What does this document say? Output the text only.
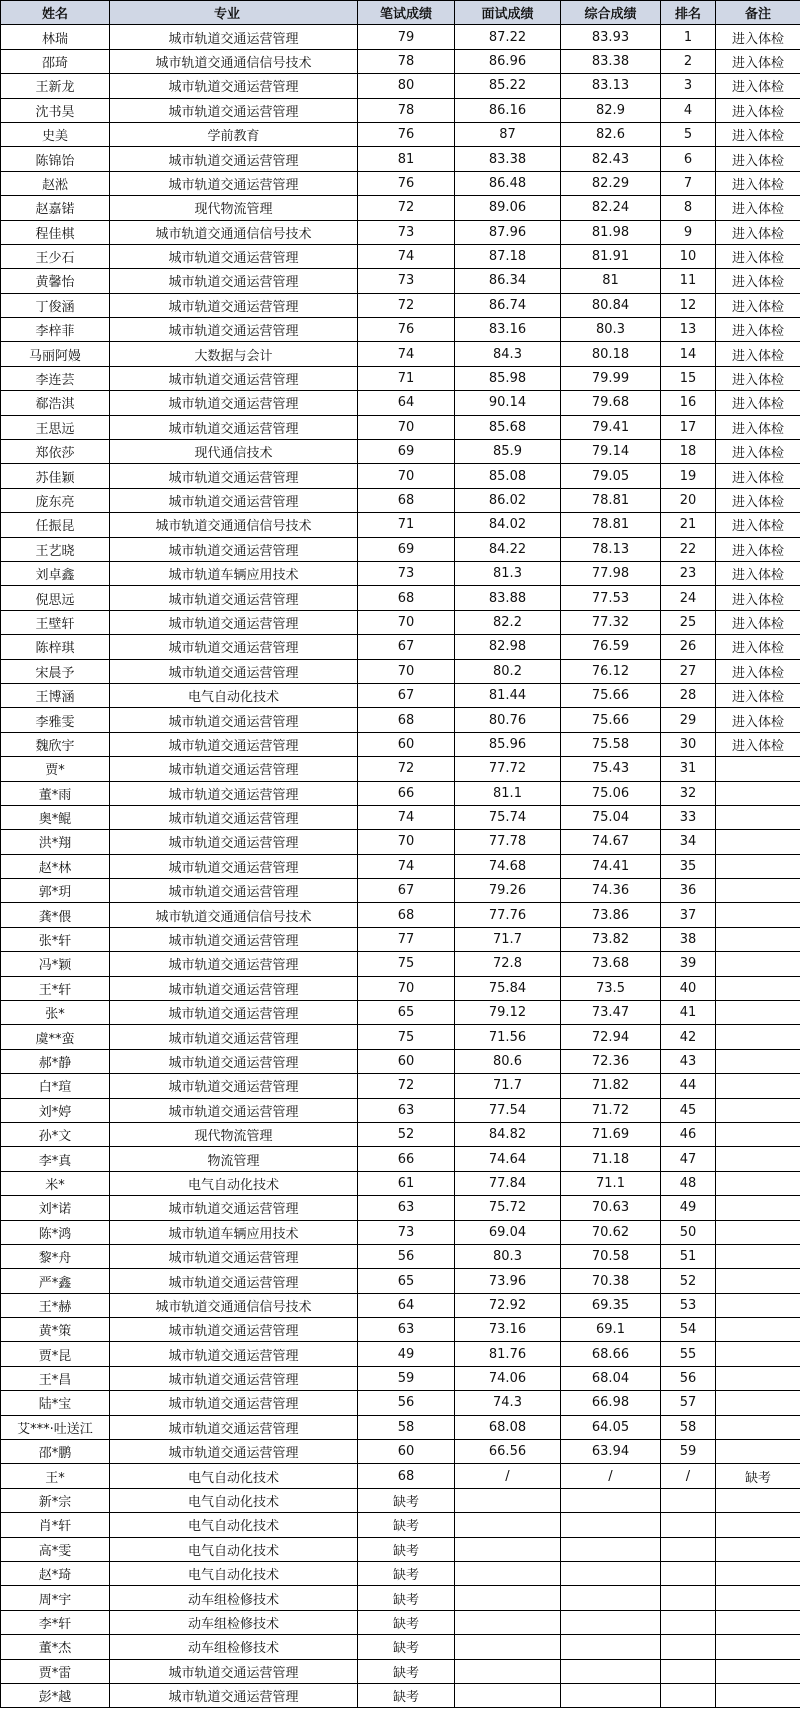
姓名	专业	笔试成绩	面试成绩	综合成绩	排名	备注
林瑞	城市轨道交通运营管理	79	87.22	83.93	1	进入体检
邵琦	城市轨道交通通信信号技术	78	86.96	83.38	2	进入体检
王新龙	城市轨道交通运营管理	80	85.22	83.13	3	进入体检
沈书昊	城市轨道交通运营管理	78	86.16	82.9	4	进入体检
史美	学前教育	76	87	82.6	5	进入体检
陈锦饴	城市轨道交通运营管理	81	83.38	82.43	6	进入体检
赵淞	城市轨道交通运营管理	76	86.48	82.29	7	进入体检
赵嘉锘	现代物流管理	72	89.06	82.24	8	进入体检
程佳棋	城市轨道交通通信信号技术	73	87.96	81.98	9	进入体检
王少石	城市轨道交通运营管理	74	87.18	81.91	10	进入体检
黄馨怡	城市轨道交通运营管理	73	86.34	81	11	进入体检
丁俊涵	城市轨道交通运营管理	72	86.74	80.84	12	进入体检
李梓菲	城市轨道交通运营管理	76	83.16	80.3	13	进入体检
马丽阿嫚	大数据与会计	74	84.3	80.18	14	进入体检
李连芸	城市轨道交通运营管理	71	85.98	79.99	15	进入体检
郗浩淇	城市轨道交通运营管理	64	90.14	79.68	16	进入体检
王思远	城市轨道交通运营管理	70	85.68	79.41	17	进入体检
郑依莎	现代通信技术	69	85.9	79.14	18	进入体检
苏佳颖	城市轨道交通运营管理	70	85.08	79.05	19	进入体检
庞东亮	城市轨道交通运营管理	68	86.02	78.81	20	进入体检
任振昆	城市轨道交通通信信号技术	71	84.02	78.81	21	进入体检
王艺晓	城市轨道交通运营管理	69	84.22	78.13	22	进入体检
刘卓鑫	城市轨道车辆应用技术	73	81.3	77.98	23	进入体检
倪思远	城市轨道交通运营管理	68	83.88	77.53	24	进入体检
王壁轩	城市轨道交通运营管理	70	82.2	77.32	25	进入体检
陈梓琪	城市轨道交通运营管理	67	82.98	76.59	26	进入体检
宋晨予	城市轨道交通运营管理	70	80.2	76.12	27	进入体检
王博涵	电气自动化技术	67	81.44	75.66	28	进入体检
李雅雯	城市轨道交通运营管理	68	80.76	75.66	29	进入体检
魏欣宇	城市轨道交通运营管理	60	85.96	75.58	30	进入体检
贾*	城市轨道交通运营管理	72	77.72	75.43	31	
董*雨	城市轨道交通运营管理	66	81.1	75.06	32	
奥*鲲	城市轨道交通运营管理	74	75.74	75.04	33	
洪*翔	城市轨道交通运营管理	70	77.78	74.67	34	
赵*林	城市轨道交通运营管理	74	74.68	74.41	35	
郭*玥	城市轨道交通运营管理	67	79.26	74.36	36	
龚*偎	城市轨道交通通信信号技术	68	77.76	73.86	37	
张*轩	城市轨道交通运营管理	77	71.7	73.82	38	
冯*颖	城市轨道交通运营管理	75	72.8	73.68	39	
王*轩	城市轨道交通运营管理	70	75.84	73.5	40	
张*	城市轨道交通运营管理	65	79.12	73.47	41	
虞**蛮	城市轨道交通运营管理	75	71.56	72.94	42	
郝*静	城市轨道交通运营管理	60	80.6	72.36	43	
白*瑄	城市轨道交通运营管理	72	71.7	71.82	44	
刘*婷	城市轨道交通运营管理	63	77.54	71.72	45	
孙*文	现代物流管理	52	84.82	71.69	46	
李*真	物流管理	66	74.64	71.18	47	
米*	电气自动化技术	61	77.84	71.1	48	
刘*诺	城市轨道交通运营管理	63	75.72	70.63	49	
陈*鸿	城市轨道车辆应用技术	73	69.04	70.62	50	
黎*舟	城市轨道交通运营管理	56	80.3	70.58	51	
严*鑫	城市轨道交通运营管理	65	73.96	70.38	52	
王*赫	城市轨道交通通信信号技术	64	72.92	69.35	53	
黄*策	城市轨道交通运营管理	63	73.16	69.1	54	
贾*昆	城市轨道交通运营管理	49	81.76	68.66	55	
王*昌	城市轨道交通运营管理	59	74.06	68.04	56	
陆*宝	城市轨道交通运营管理	56	74.3	66.98	57	
艾***·吐送江	城市轨道交通运营管理	58	68.08	64.05	58	
邵*鹏	城市轨道交通运营管理	60	66.56	63.94	59	
王*	电气自动化技术	68	/	/	/	缺考
新*宗	电气自动化技术	缺考				
肖*轩	电气自动化技术	缺考				
高*雯	电气自动化技术	缺考				
赵*琦	电气自动化技术	缺考				
周*宇	动车组检修技术	缺考				
李*轩	动车组检修技术	缺考				
董*杰	动车组检修技术	缺考				
贾*雷	城市轨道交通运营管理	缺考				
彭*越	城市轨道交通运营管理	缺考				
